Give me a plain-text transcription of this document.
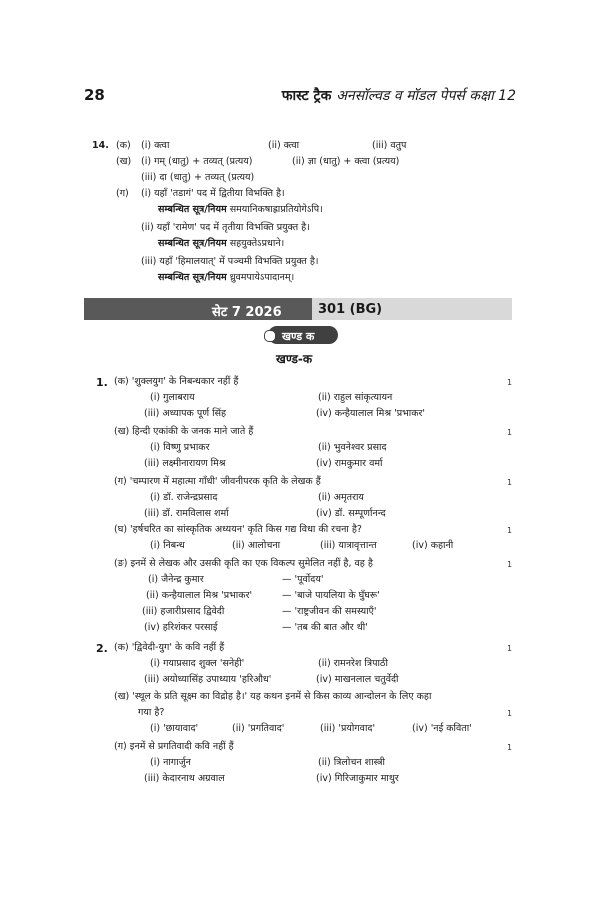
28	फास्ट ट्रैक अनसॉल्वड व मॉडल पेपर्स कक्षा 12
14. (क) (i) क्त्वा	(ii) क्त्वा	(iii) वतुप
(ख) (i) गम् (धातु) + तव्यत् (प्रत्यय)	(ii) ज्ञा (धातु) + क्त्वा (प्रत्यय)
(iii) दा (धातु) + तव्यत् (प्रत्यय)
(ग) (i) यहाँ 'तडागं' पद में द्वितीया विभक्ति है।
सम्बन्धित सूत्र/नियम समयानिकषाह्राप्रतियोगेऽपि।
(ii) यहाँ 'रामेण' पद में तृतीया विभक्ति प्रयुक्त है।
सम्बन्धित सूत्र/नियम सहयुक्तेऽप्रधाने।
(iii) यहाँ 'हिमालयात्' में पञ्चमी विभक्ति प्रयुक्त है।
सम्बन्धित सूत्र/नियम ध्रुवमपायेऽपादानम्।
सेट 7 2026	301 (BG)
खण्ड क
खण्ड-क
1. (क) 'शुक्लयुग' के निबन्धकार नहीं हैं	1
(i) गुलाबराय	(ii) राहुल सांकृत्यायन
(iii) अध्यापक पूर्ण सिंह	(iv) कन्हैयालाल मिश्र 'प्रभाकर'
(ख) हिन्दी एकांकी के जनक माने जाते हैं	1
(i) विष्णु प्रभाकर	(ii) भुवनेश्वर प्रसाद
(iii) लक्ष्मीनारायण मिश्र	(iv) रामकुमार वर्मा
(ग) 'चम्पारण में महात्मा गाँधी' जीवनीपरक कृति के लेखक हैं	1
(i) डॉ. राजेन्द्रप्रसाद	(ii) अमृतराय
(iii) डॉ. रामविलास शर्मा	(iv) डॉ. सम्पूर्णानन्द
(घ) 'हर्षचरित का सांस्कृतिक अध्ययन' कृति किस गद्य विधा की रचना है?	1
(i) निबन्ध	(ii) आलोचना	(iii) यात्रावृत्तान्त	(iv) कहानी
(ङ) इनमें से लेखक और उसकी कृति का एक विकल्प सुमेलित नहीं है, वह है	1
(i) जैनेन्द्र कुमार	— 'पूर्वोदय'
(ii) कन्हैयालाल मिश्र 'प्रभाकर'	— 'बाजे पायलिया के घुँघरू'
(iii) हजारीप्रसाद द्विवेदी	— 'राष्ट्रजीवन की समस्याएँ'
(iv) हरिशंकर परसाई	— 'तब की बात और थी'
2. (क) 'द्विवेदी-युग' के कवि नहीं हैं	1
(i) गयाप्रसाद शुक्ल 'सनेही'	(ii) रामनरेश त्रिपाठी
(iii) अयोध्यासिंह उपाध्याय 'हरिऔध'	(iv) माखनलाल चतुर्वेदी
(ख) 'स्थूल के प्रति सूक्ष्म का विद्रोह है।' यह कथन इनमें से किस काव्य आन्दोलन के लिए कहा
गया है?	1
(i) 'छायावाद'	(ii) 'प्रगतिवाद'	(iii) 'प्रयोगवाद'	(iv) 'नई कविता'
(ग) इनमें से प्रगतिवादी कवि नहीं हैं	1
(i) नागार्जुन	(ii) त्रिलोचन शास्त्री
(iii) केदारनाथ अग्रवाल	(iv) गिरिजाकुमार माथुर
